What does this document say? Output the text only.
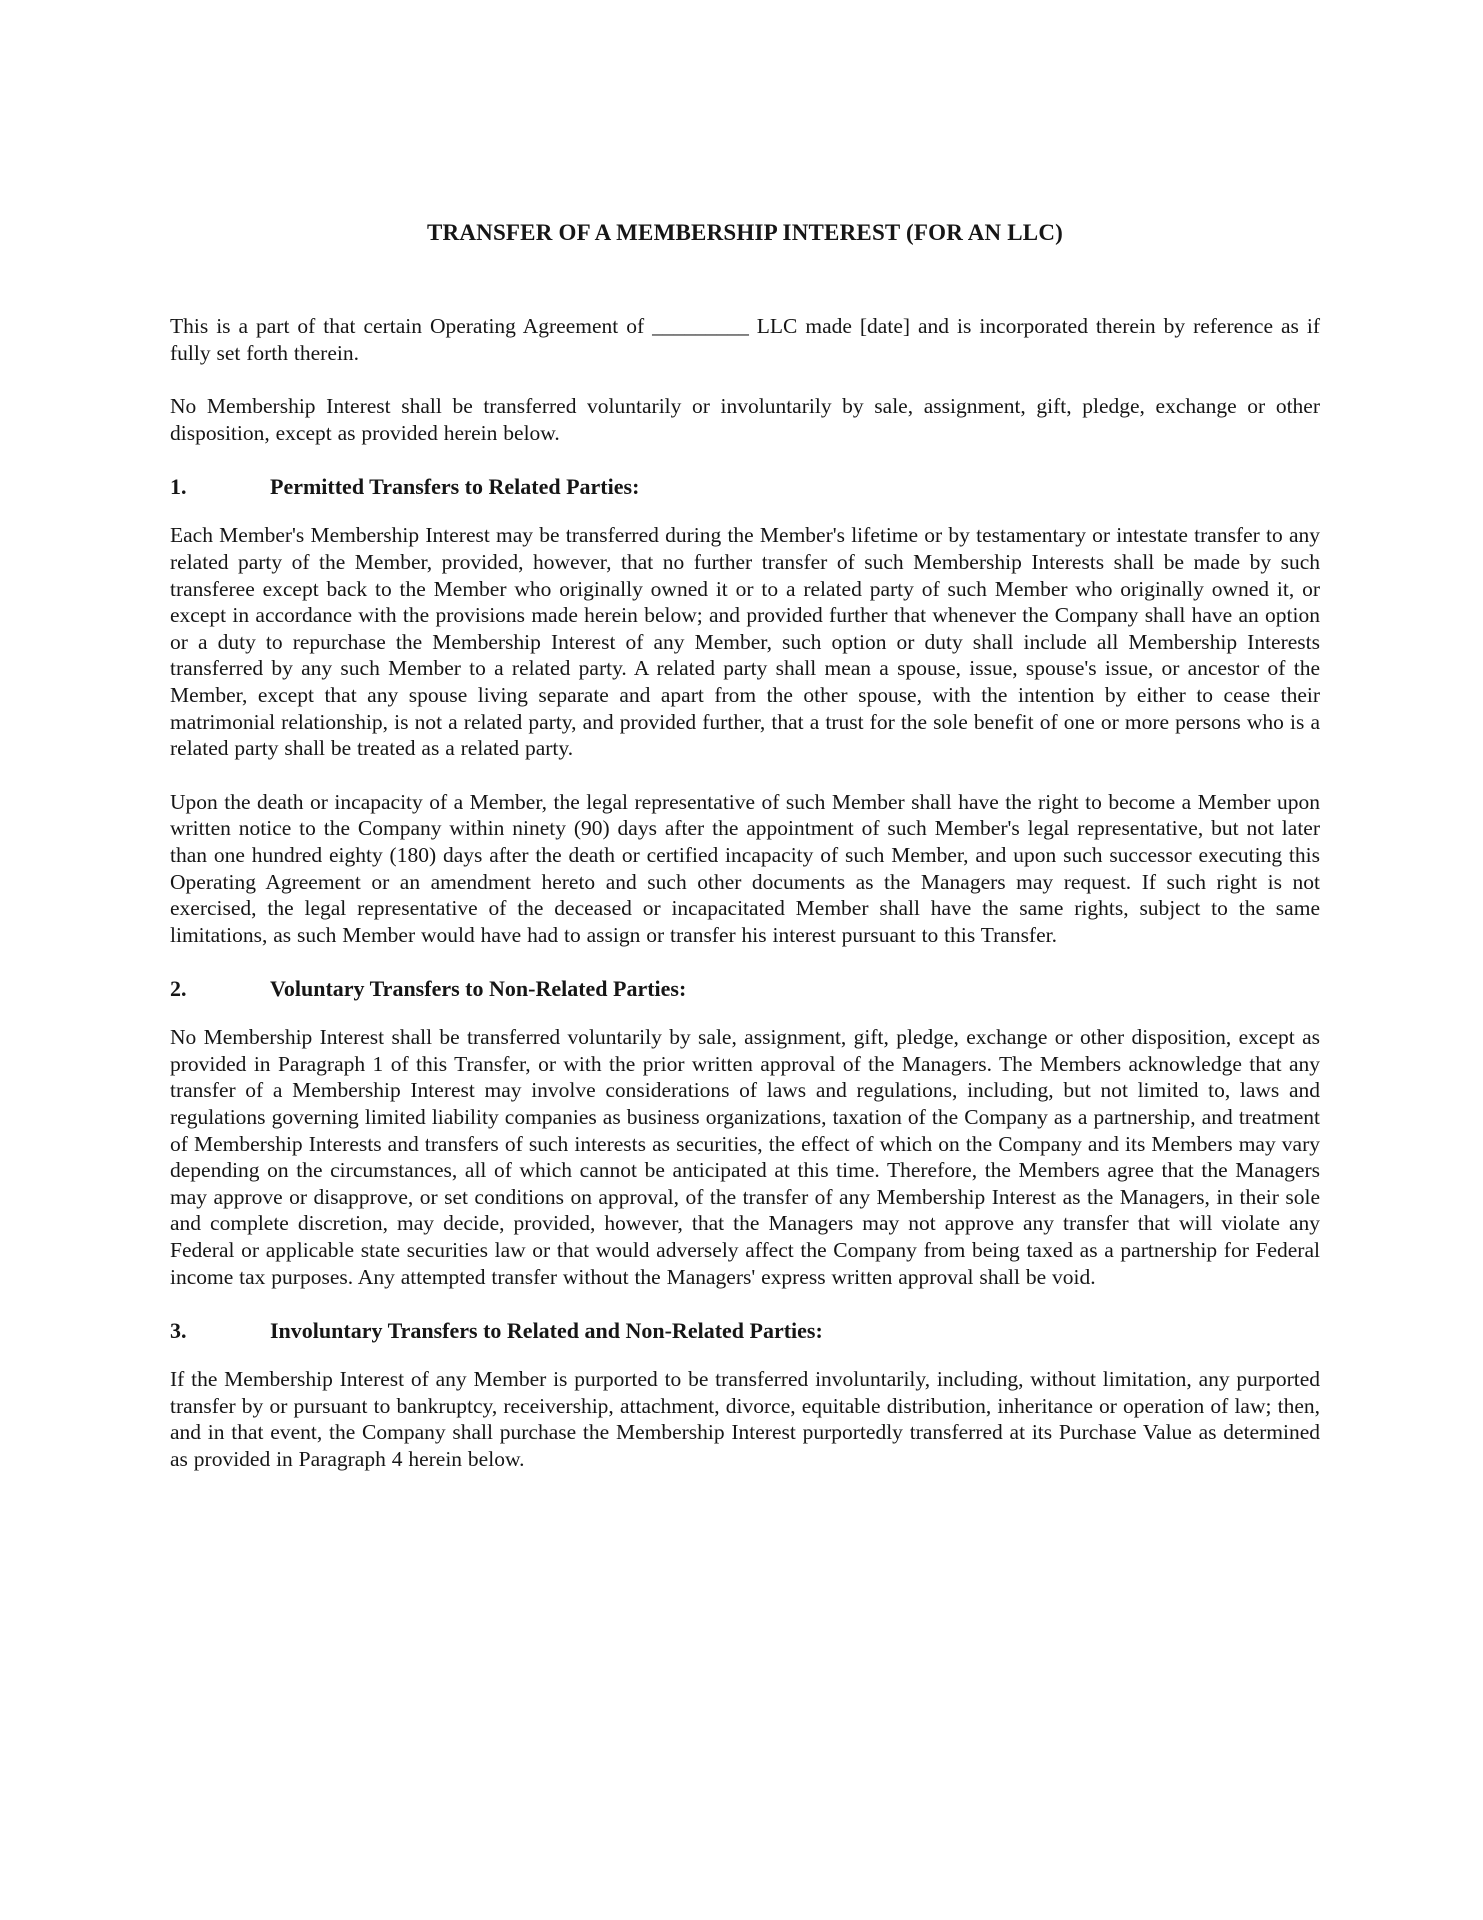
TRANSFER OF A MEMBERSHIP INTEREST (FOR AN LLC)

This is a part of that certain Operating Agreement of _________ LLC made [date] and is incorporated therein by reference as if fully set forth therein.

No Membership Interest shall be transferred voluntarily or involuntarily by sale, assignment, gift, pledge, exchange or other disposition, except as provided herein below.

1.	Permitted Transfers to Related Parties:

Each Member's Membership Interest may be transferred during the Member's lifetime or by testamentary or intestate transfer to any related party of the Member, provided, however, that no further transfer of such Membership Interests shall be made by such transferee except back to the Member who originally owned it or to a related party of such Member who originally owned it, or except in accordance with the provisions made herein below; and provided further that whenever the Company shall have an option or a duty to repurchase the Membership Interest of any Member, such option or duty shall include all Membership Interests transferred by any such Member to a related party. A related party shall mean a spouse, issue, spouse's issue, or ancestor of the Member, except that any spouse living separate and apart from the other spouse, with the intention by either to cease their matrimonial relationship, is not a related party, and provided further, that a trust for the sole benefit of one or more persons who is a related party shall be treated as a related party.

Upon the death or incapacity of a Member, the legal representative of such Member shall have the right to become a Member upon written notice to the Company within ninety (90) days after the appointment of such Member's legal representative, but not later than one hundred eighty (180) days after the death or certified incapacity of such Member, and upon such successor executing this Operating Agreement or an amendment hereto and such other documents as the Managers may request. If such right is not exercised, the legal representative of the deceased or incapacitated Member shall have the same rights, subject to the same limitations, as such Member would have had to assign or transfer his interest pursuant to this Transfer.

2.	Voluntary Transfers to Non-Related Parties:

No Membership Interest shall be transferred voluntarily by sale, assignment, gift, pledge, exchange or other disposition, except as provided in Paragraph 1 of this Transfer, or with the prior written approval of the Managers. The Members acknowledge that any transfer of a Membership Interest may involve considerations of laws and regulations, including, but not limited to, laws and regulations governing limited liability companies as business organizations, taxation of the Company as a partnership, and treatment of Membership Interests and transfers of such interests as securities, the effect of which on the Company and its Members may vary depending on the circumstances, all of which cannot be anticipated at this time. Therefore, the Members agree that the Managers may approve or disapprove, or set conditions on approval, of the transfer of any Membership Interest as the Managers, in their sole and complete discretion, may decide, provided, however, that the Managers may not approve any transfer that will violate any Federal or applicable state securities law or that would adversely affect the Company from being taxed as a partnership for Federal income tax purposes. Any attempted transfer without the Managers' express written approval shall be void.

3.	Involuntary Transfers to Related and Non-Related Parties:

If the Membership Interest of any Member is purported to be transferred involuntarily, including, without limitation, any purported transfer by or pursuant to bankruptcy, receivership, attachment, divorce, equitable distribution, inheritance or operation of law; then, and in that event, the Company shall purchase the Membership Interest purportedly transferred at its Purchase Value as determined as provided in Paragraph 4 herein below.
